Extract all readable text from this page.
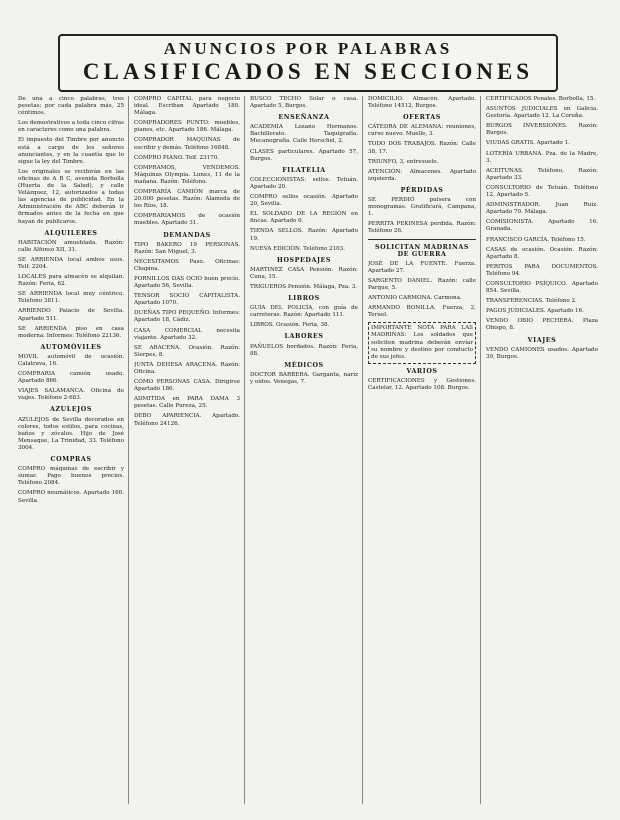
ANUNCIOS POR PALABRAS
CLASIFICADOS EN SECCIONES
De una a cinco palabras, tres pesetas; por cada palabra más, 25 céntimos.
Los demostrativos a toda cinco cifras en caracteres como una palabra.
El impuesto del Timbre por anuncio está a cargo de los señores anunciantes, y en la cuantía que lo sigue la ley del Timbre.
Los originales se recibirán en las oficinas de A B C, avenida Borbolla (Huerta de la Salud), y calle Velázquez, 12, autorizados a todas las agencias de publicidad. En la Administración de ABC deberán ir firmados antes de la fecha en que hayan de publicarse.
ALQUILERES
HABITACIÓN amueblada. Razón: calle Alfonso XII, 31.
SE ARRIENDA local ambos usos. Telf. 2204.
LOCALES para almacén se alquilan. Razón: Feria, 62.
SE ARRIENDA local muy céntrico. Teléfono 3811.
ARRIENDO Palacio de Sevilla. Apartado 511.
SE ARRIENDA piso en casa moderna. Informes: Teléfono 22136.
AUTOMÓVILES
MOVIL automóvil de ocasión. Calatrava, 16.
COMPRARIA camión usado. Apartado 866.
VIAJES SALAMANCA. Oficina de viajes. Teléfono 2-683.
AZULEJOS
AZULEJOS de Sevilla decorados en colores, todos estilos, para cocinas, baños y zócalos. Hijo de José Mensaque, La Trinidad, 33. Teléfono 3004.
COMPRAS
COMPRO máquinas de escribir y sumar. Pago buenos precios. Teléfono 2084.
COMPRO neumáticos. Apartado 160. Sevilla.
COMPRO CAPITAL para negocio ideal. Escriban Apartado 180. Málaga.
COMPRADORES PUNTO: muebles, pianos, etc. Apartado 186. Málaga.
COMPRADOR MAQUINAS de escribir y demás. Teléfono 16848.
COMPRO PIANO. Telf. 23170.
COMPRAMOS, VENDEMOS. Máquinas Olympia. Lunes, 11 de la mañana. Razón: Teléfono.
COMPRARÍA CAMIÓN marca de 20.000 pesetas. Razón: Alameda de los Ríos, 18.
COMPRARIAMOS de ocasión muebles. Apartado 31.
DEMANDAS
TIPO BAKERO 19 PERSONAS. Razón: San Miguel, 3.
NECESITAMOS Paso. Oficinas: Chapina.
PORNILLOS DAS OCIO buen precio. Apartado 56, Sevilla.
TENSOR SOCIO CAPITALISTA. Apartado 1070.
DUEÑAS TIPO PEQUEÑO. Informes: Apartado 18, Cádiz.
CASA COMERCIAL necesita viajante. Apartado 32.
SE ARACENA. Ocasión. Razón: Sierpes, 8.
JUNTA DEHESA ARACENA. Razón: Oficina.
COMO PERSONAS CASA. Dirigirse Apartado 186.
ADMITIDA en PARA DAMA 3 pesetas. Calle Pureza, 25.
DEBO APARIENCIA. Apartado. Teléfono 24126.
BUSCO TECHO Solar o casa. Apartado 5, Burgos.
ENSEÑANZA
ACADEMIA Lozano Hermanos. Bachillerato. Taquigrafía. Mecanografía. Calle Herschel, 2.
CLASES particulares. Apartado 57, Burgos.
FILATELIA
COLECCIONISTAS: sellos. Tetuán. Apartado 20.
COMPRO sellos ocasión. Apartado 20, Sevilla.
EL SOLDADO DE LA REGIÓN en fincas. Apartado 6.
TIENDA SELLOS. Razón: Apartado 19.
NUEVA EDICIÓN. Teléfono 2103.
HOSPEDAJES
MARTINEZ CASA Pensión. Razón: Cuna, 15.
TRIGUEROS Pensión. Málaga, Pza. 3.
LIBROS
GUÍA DEL POLICÍA, con guía de carreteras. Razón: Apartado 111.
LIBROS. Ocasión. Feria, 38.
LABORES
PAÑUELOS bordados. Razón: Feria, 88.
MÉDICOS
DOCTOR BARBERA. Garganta, nariz y oídos. Venegas, 7.
DOMICILIO. Almacén. Apartado. Teléfono 14512, Burgos.
OFERTAS
CÁTEDRA DE ALEMANA: reuniones, curso nuevo. Muelle, 3.
TODO DOS TRABAJOS. Razón: Calle 38, 17.
TRIUNFO, 3, entresuelo.
ATENCIÓN: Almacenes. Apartado izquierda.
PÉRDIDAS
SE PERDIÓ pulsera con monogramas. Gratificará, Campana, 1.
PERRITA PEKINESA perdida. Razón: Teléfono 26.
SOLICITAN MADRINAS DE GUERRA
JOSÉ DE LA FUENTE. Fuerza. Apartado 27.
SARGENTO DANIEL. Razón: calle Parque, 5.
ANTONIO CARMONA. Carmona.
ARMANDO BONILLA. Fuerza, 2, Teruel.
IMPORTANTE NOTA PARA LAS MADRINAS: Los soldados que soliciten madrina deberán enviar su nombre y destino por conducto de sus jefes.
VARIOS
CERTIFICACIONES y Gestiones. Castelar, 12. Apartado 108. Burgos.
CERTIFICADOS Penales. Borbolla, 15.
ASUNTOS JUDICIALES en Galicia. Gestoría. Apartado 12. La Coruña.
BURGOS INVERSIONES. Razón: Burgos.
VIUDAS GRATIS. Apartado 1.
LOTERÍA URBANA. Pza. de la Madre, 3.
ACEITUNAS. Teléfono, Razón: Apartado 33.
CONSULTORIO de Tetuán. Teléfono 12, Apartado 5.
ADMINISTRADOR. Juan Ruiz. Apartado 70. Málaga.
COMISIONISTA. Apartado 16. Granada.
FRANCISCO GARCÍA. Teléfono 15.
CASAS de ocasión. Ocasión. Razón: Apartado 8.
PERITOS PARA DOCUMENTOS. Teléfono 94.
CONSULTORIO PSÍQUICO. Apartado 854. Sevilla.
TRANSFERENCIAS. Teléfono 2.
PAGOS JUDICIALES. Apartado 16.
VENDO OBIO PECHERA. Plaza Obispo, 8.
VIAJES
VENDO CAMIONES usados. Apartado 39, Burgos.
